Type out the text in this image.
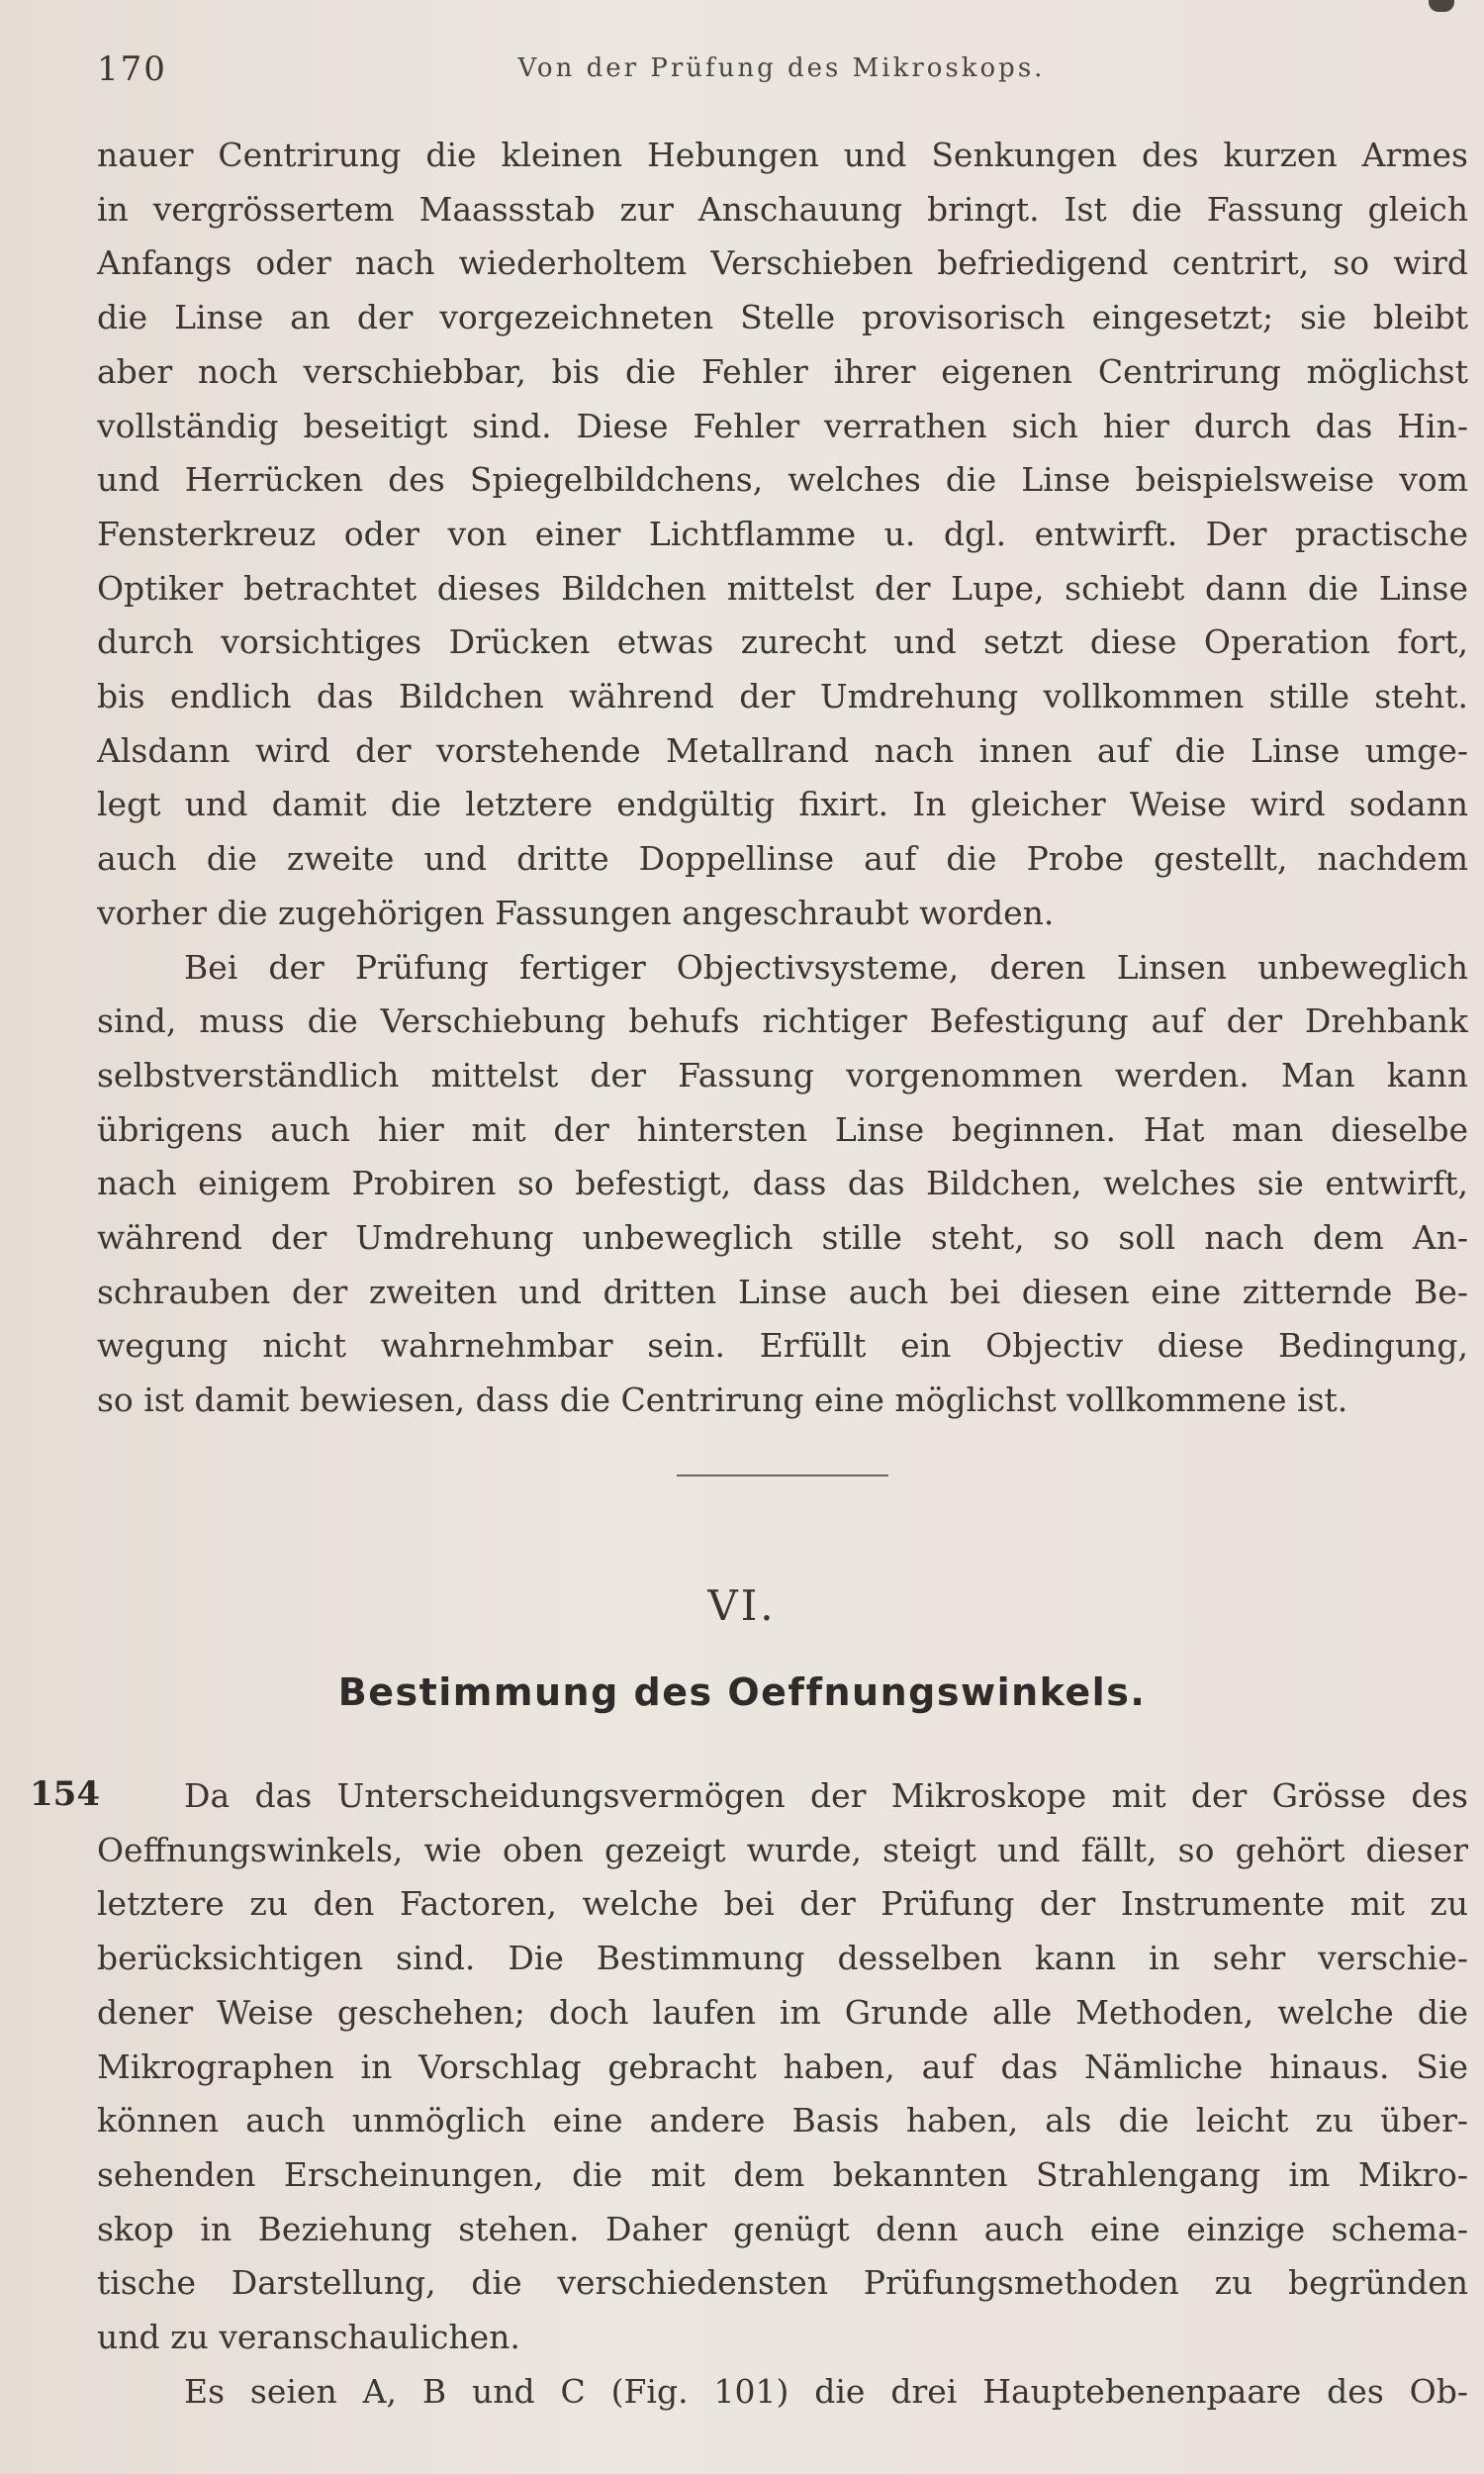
170	Von der Prüfung des Mikroskops.
nauer Centrirung die kleinen Hebungen und Senkungen des kurzen Armes
in vergrössertem Maassstab zur Anschauung bringt. Ist die Fassung gleich
Anfangs oder nach wiederholtem Verschieben befriedigend centrirt, so wird
die Linse an der vorgezeichneten Stelle provisorisch eingesetzt; sie bleibt
aber noch verschiebbar, bis die Fehler ihrer eigenen Centrirung möglichst
vollständig beseitigt sind. Diese Fehler verrathen sich hier durch das Hin-
und Herrücken des Spiegelbildchens, welches die Linse beispielsweise vom
Fensterkreuz oder von einer Lichtflamme u. dgl. entwirft. Der practische
Optiker betrachtet dieses Bildchen mittelst der Lupe, schiebt dann die Linse
durch vorsichtiges Drücken etwas zurecht und setzt diese Operation fort,
bis endlich das Bildchen während der Umdrehung vollkommen stille steht.
Alsdann wird der vorstehende Metallrand nach innen auf die Linse umge-
legt und damit die letztere endgültig fixirt. In gleicher Weise wird sodann
auch die zweite und dritte Doppellinse auf die Probe gestellt, nachdem
vorher die zugehörigen Fassungen angeschraubt worden.
Bei der Prüfung fertiger Objectivsysteme, deren Linsen unbeweglich
sind, muss die Verschiebung behufs richtiger Befestigung auf der Drehbank
selbstverständlich mittelst der Fassung vorgenommen werden. Man kann
übrigens auch hier mit der hintersten Linse beginnen. Hat man dieselbe
nach einigem Probiren so befestigt, dass das Bildchen, welches sie entwirft,
während der Umdrehung unbeweglich stille steht, so soll nach dem An-
schrauben der zweiten und dritten Linse auch bei diesen eine zitternde Be-
wegung nicht wahrnehmbar sein. Erfüllt ein Objectiv diese Bedingung,
so ist damit bewiesen, dass die Centrirung eine möglichst vollkommene ist.
VI.
Bestimmung des Oeffnungswinkels.
154	Da das Unterscheidungsvermögen der Mikroskope mit der Grösse des
Oeffnungswinkels, wie oben gezeigt wurde, steigt und fällt, so gehört dieser
letztere zu den Factoren, welche bei der Prüfung der Instrumente mit zu
berücksichtigen sind. Die Bestimmung desselben kann in sehr verschie-
dener Weise geschehen; doch laufen im Grunde alle Methoden, welche die
Mikrographen in Vorschlag gebracht haben, auf das Nämliche hinaus. Sie
können auch unmöglich eine andere Basis haben, als die leicht zu über-
sehenden Erscheinungen, die mit dem bekannten Strahlengang im Mikro-
skop in Beziehung stehen. Daher genügt denn auch eine einzige schema-
tische Darstellung, die verschiedensten Prüfungsmethoden zu begründen
und zu veranschaulichen.
Es seien A, B und C (Fig. 101) die drei Hauptebenenpaare des Ob-
